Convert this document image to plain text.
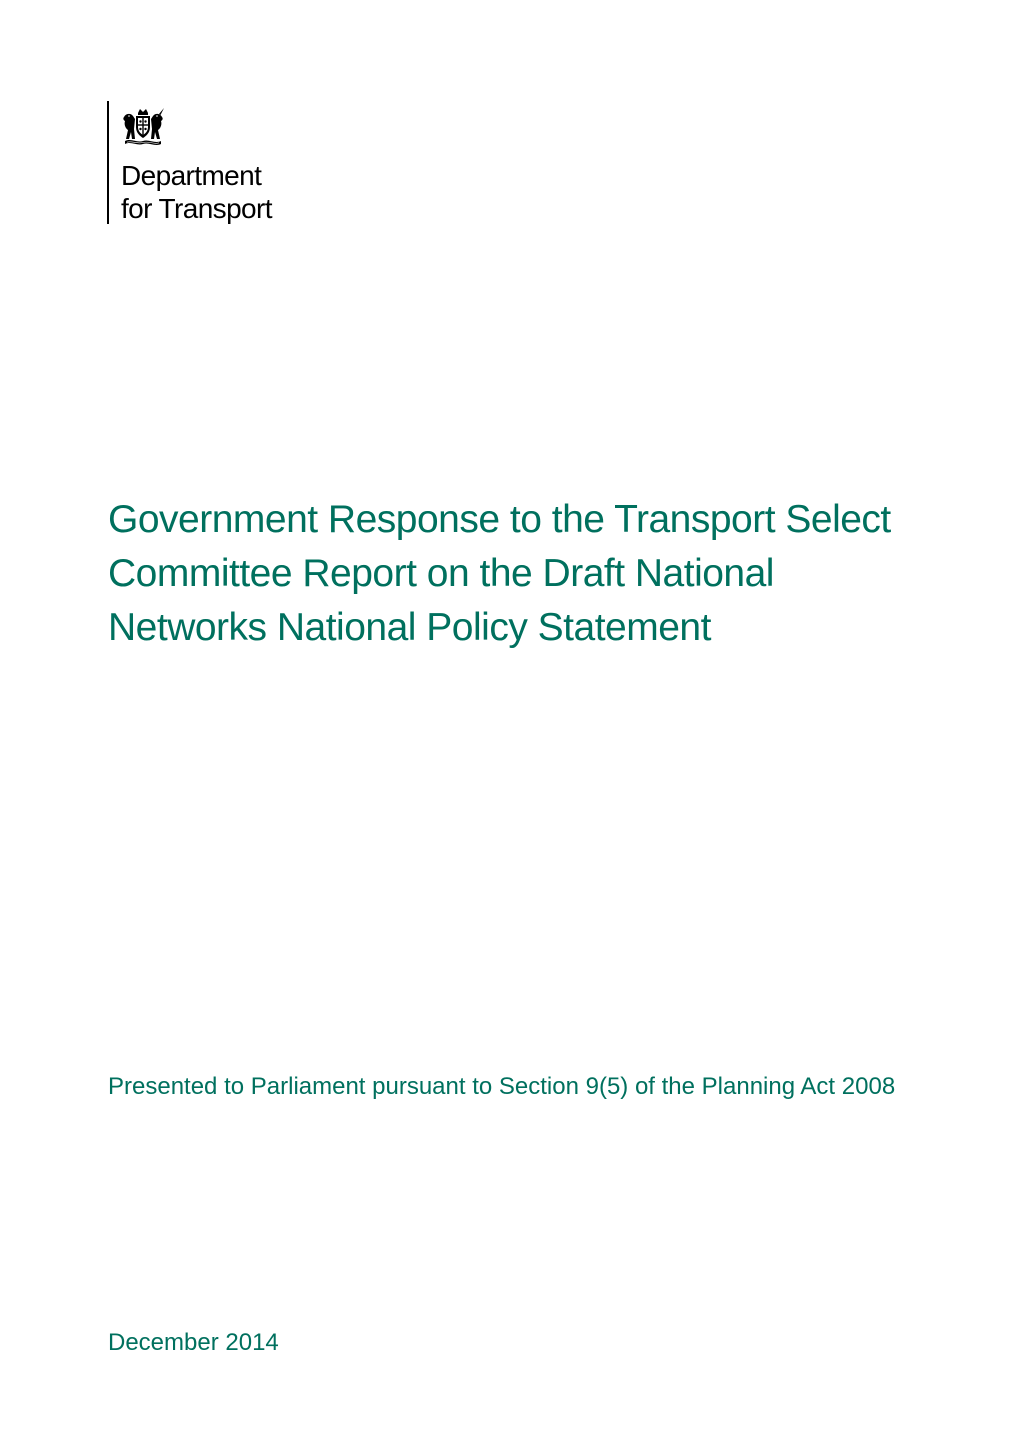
Department
for Transport
Government Response to the Transport Select Committee Report on the Draft National Networks National Policy Statement

Presented to Parliament pursuant to Section 9(5) of the Planning Act 2008

December 2014
